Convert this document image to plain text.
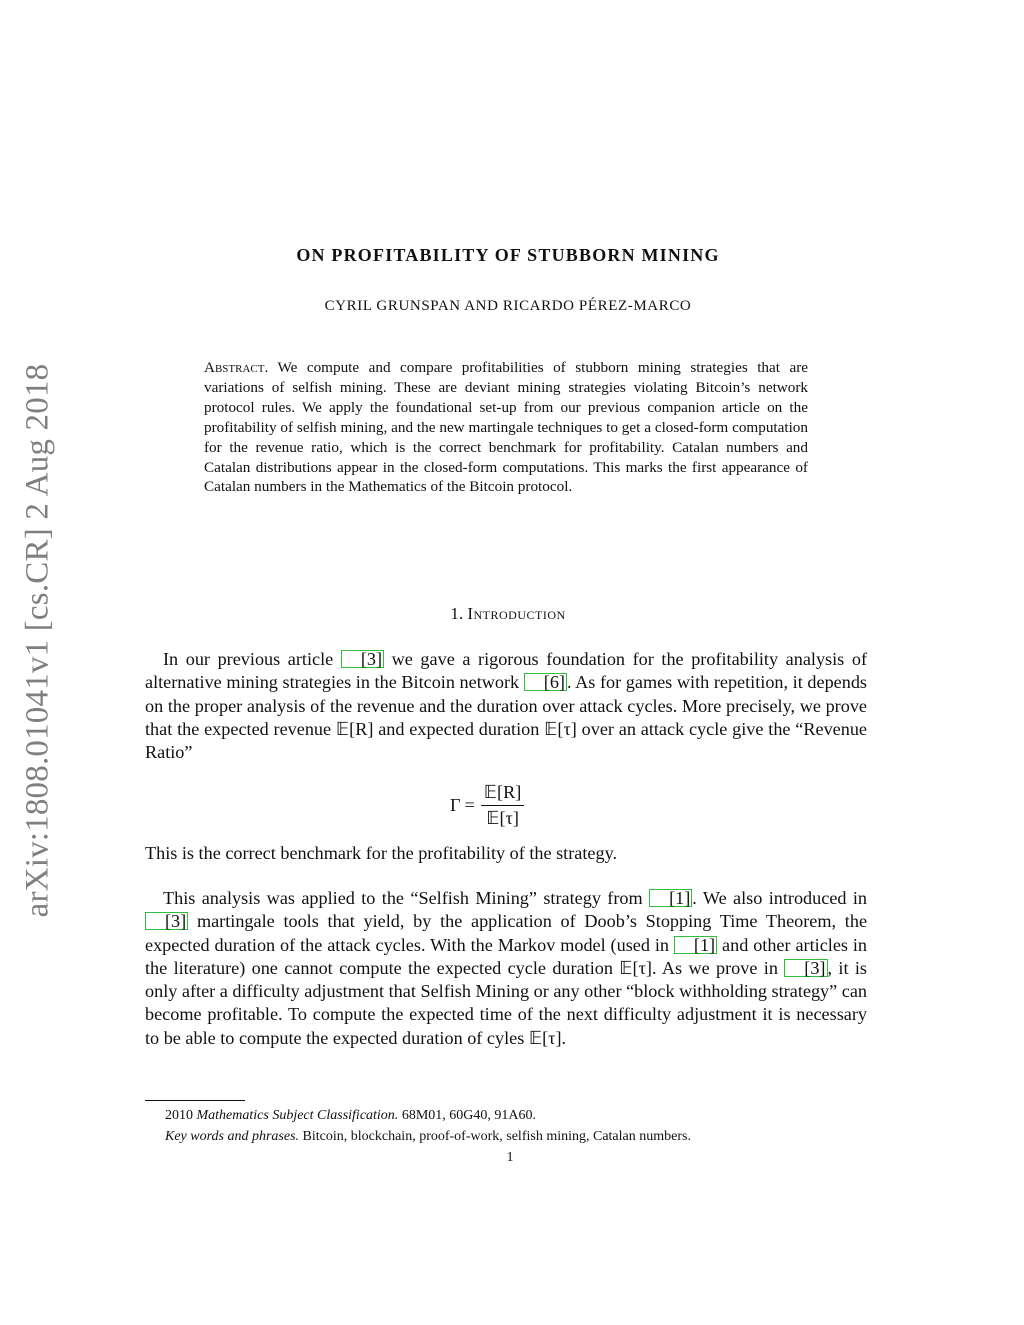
arXiv:1808.01041v1 [cs.CR] 2 Aug 2018
ON PROFITABILITY OF STUBBORN MINING
CYRIL GRUNSPAN AND RICARDO PÉREZ-MARCO

Abstract. We compute and compare profitabilities of stubborn mining strategies that are variations of selfish mining. These are deviant mining strategies violating Bitcoin’s network protocol rules. We apply the foundational set-up from our previous companion article on the profitability of selfish mining, and the new martingale techniques to get a closed-form computation for the revenue ratio, which is the correct benchmark for profitability. Catalan numbers and Catalan distributions appear in the closed-form computations. This marks the first appearance of Catalan numbers in the Mathematics of the Bitcoin protocol.

1. Introduction

In our previous article [3] we gave a rigorous foundation for the profitability analysis of alternative mining strategies in the Bitcoin network [6] . As for games with repetition, it depends on the proper analysis of the revenue and the duration over attack cycles. More precisely, we prove that the expected revenue 𝔼[R] and expected duration 𝔼[τ] over an attack cycle give the “Revenue Ratio”

$\Gamma = \frac{\text{𝔼[R]}}{\text{𝔼[τ]}}$

This is the correct benchmark for the profitability of the strategy.

This analysis was applied to the “Selfish Mining” strategy from [1] . We also introduced in [3] martingale tools that yield, by the application of Doob’s Stopping Time Theorem, the expected duration of the attack cycles. With the Markov model (used in [1] and other articles in the literature) one cannot compute the expected cycle duration 𝔼[τ]. As we prove in [3] , it is only after a difficulty adjustment that Selfish Mining or any other “block withholding strategy” can become profitable. To compute the expected time of the next difficulty adjustment it is necessary to be able to compute the expected duration of cyles 𝔼[τ].

2010 Mathematics Subject Classification. 68M01, 60G40, 91A60.

Key words and phrases. Bitcoin, blockchain, proof-of-work, selfish mining, Catalan numbers.

1
